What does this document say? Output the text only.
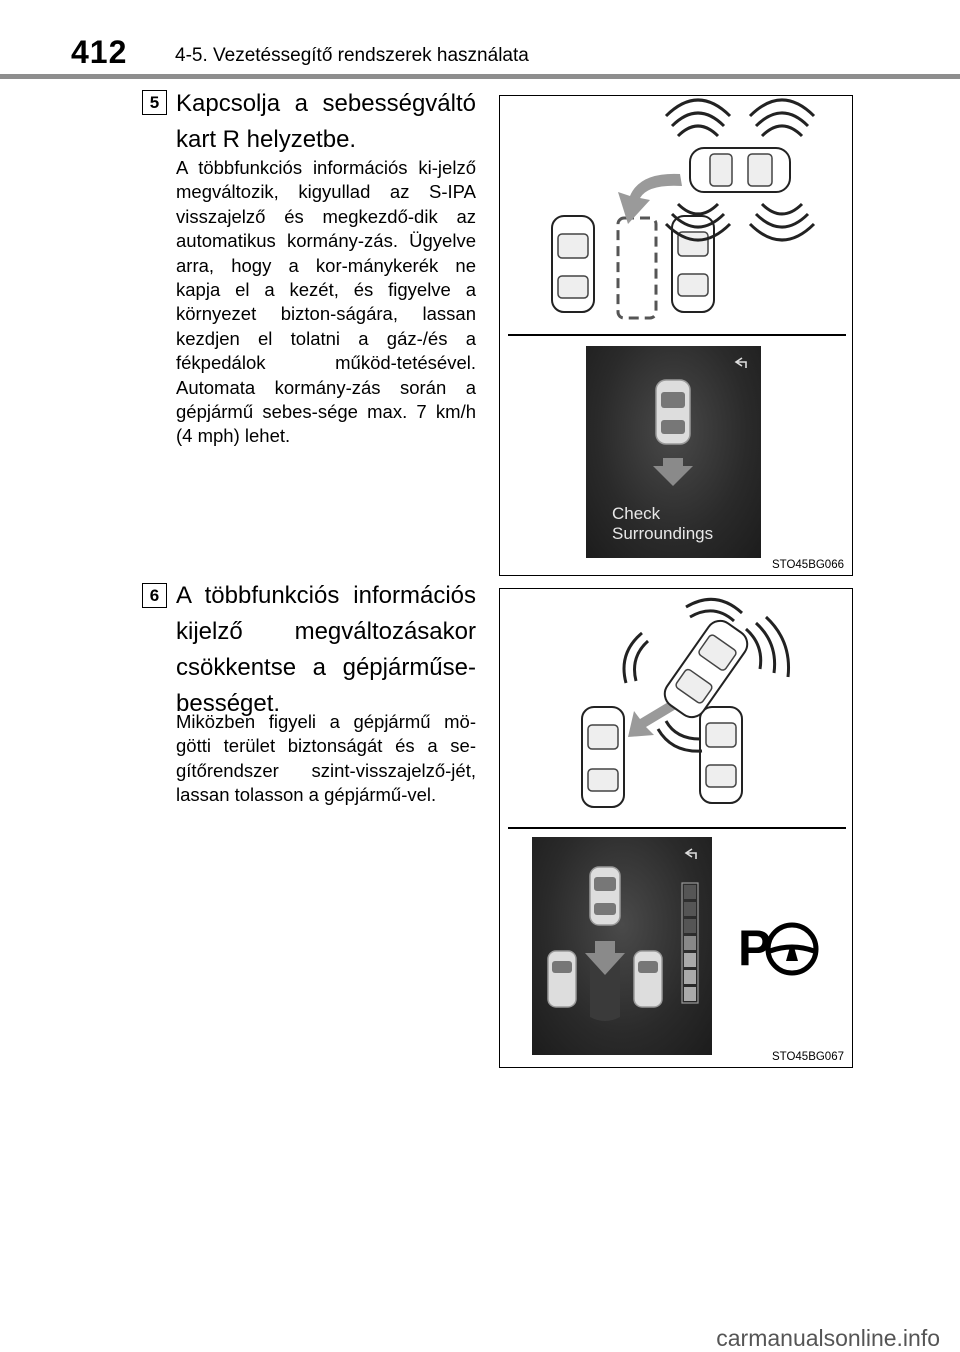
412	4-5. Vezetéssegítő rendszerek használata
5 Kapcsolja a sebességváltó kart R helyzetbe.
A többfunkciós információs ki-jelző megváltozik, kigyullad az S-IPA visszajelző és megkezdő-dik az automatikus kormány-zás. Ügyelve arra, hogy a kor-mánykerék ne kapja el a kezét, és figyelve a környezet bizton-ságára, lassan kezdjen el tolatni a gáz-/és a fékpedálok működ-tetésével. Automata kormány-zás során a gépjármű sebes-sége max. 7 km/h (4 mph) lehet.
Check Surroundings
STO45BG066
6 A többfunkciós információs kijelző megváltozásakor csökkentse a gépjárműse-bességet.
Miközben figyeli a gépjármű mö-götti terület biztonságát és a se-gítőrendszer szint-visszajelző-jét, lassan tolasson a gépjármű-vel.
P
STO45BG067
carmanualsonline.info
